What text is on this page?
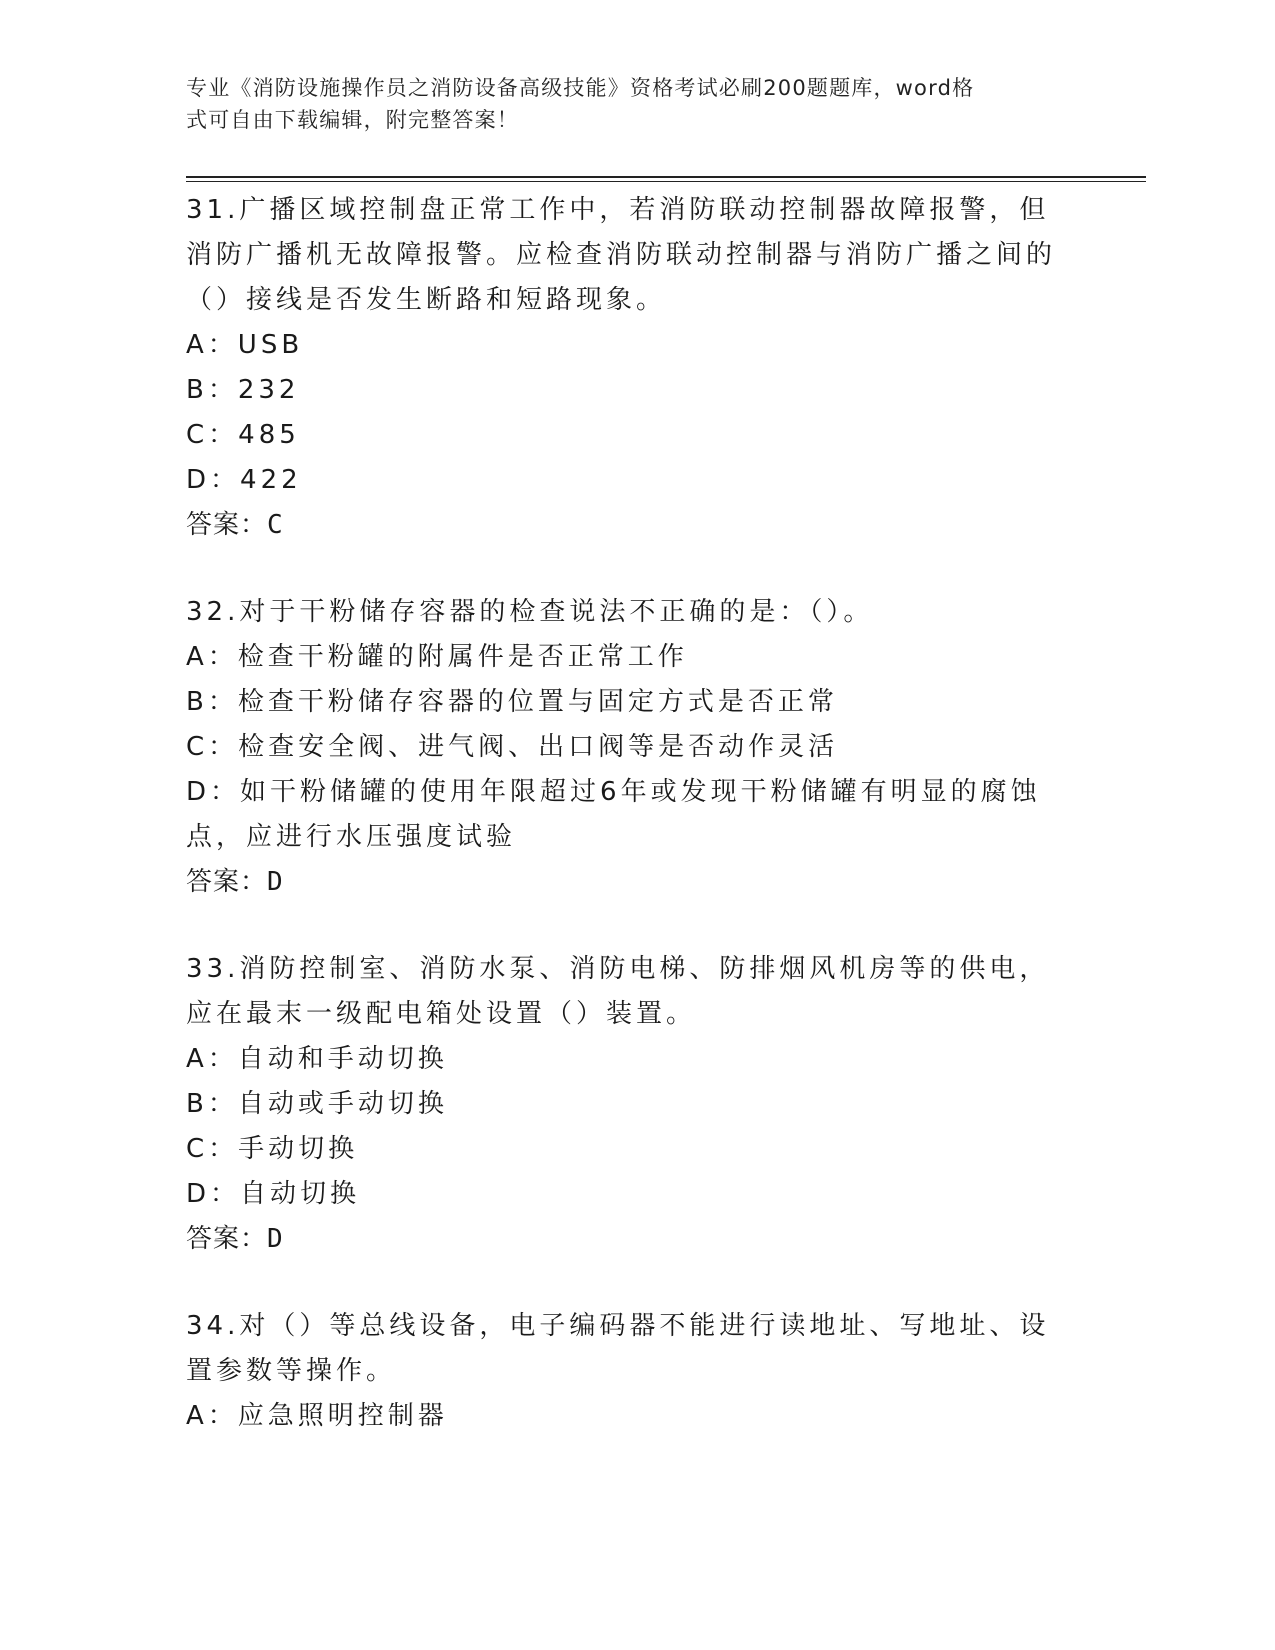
专业《消防设施操作员之消防设备高级技能》资格考试必刷200题题库，word格
式可自由下载编辑，附完整答案！

31.广播区域控制盘正常工作中，若消防联动控制器故障报警，但消防广播机无故障报警。应检查消防联动控制器与消防广播之间的（）接线是否发生断路和短路现象。

A：USB

B：232

C：485

D：422

答案：C

32.对于干粉储存容器的检查说法不正确的是：（）。

A：检查干粉罐的附属件是否正常工作

B：检查干粉储存容器的位置与固定方式是否正常

C：检查安全阀、进气阀、出口阀等是否动作灵活

D：如干粉储罐的使用年限超过6年或发现干粉储罐有明显的腐蚀点，应进行水压强度试验

答案：D

33.消防控制室、消防水泵、消防电梯、防排烟风机房等的供电，应在最末一级配电箱处设置（）装置。

A：自动和手动切换

B：自动或手动切换

C：手动切换

D：自动切换

答案：D

34.对（）等总线设备，电子编码器不能进行读地址、写地址、设置参数等操作。

A：应急照明控制器
